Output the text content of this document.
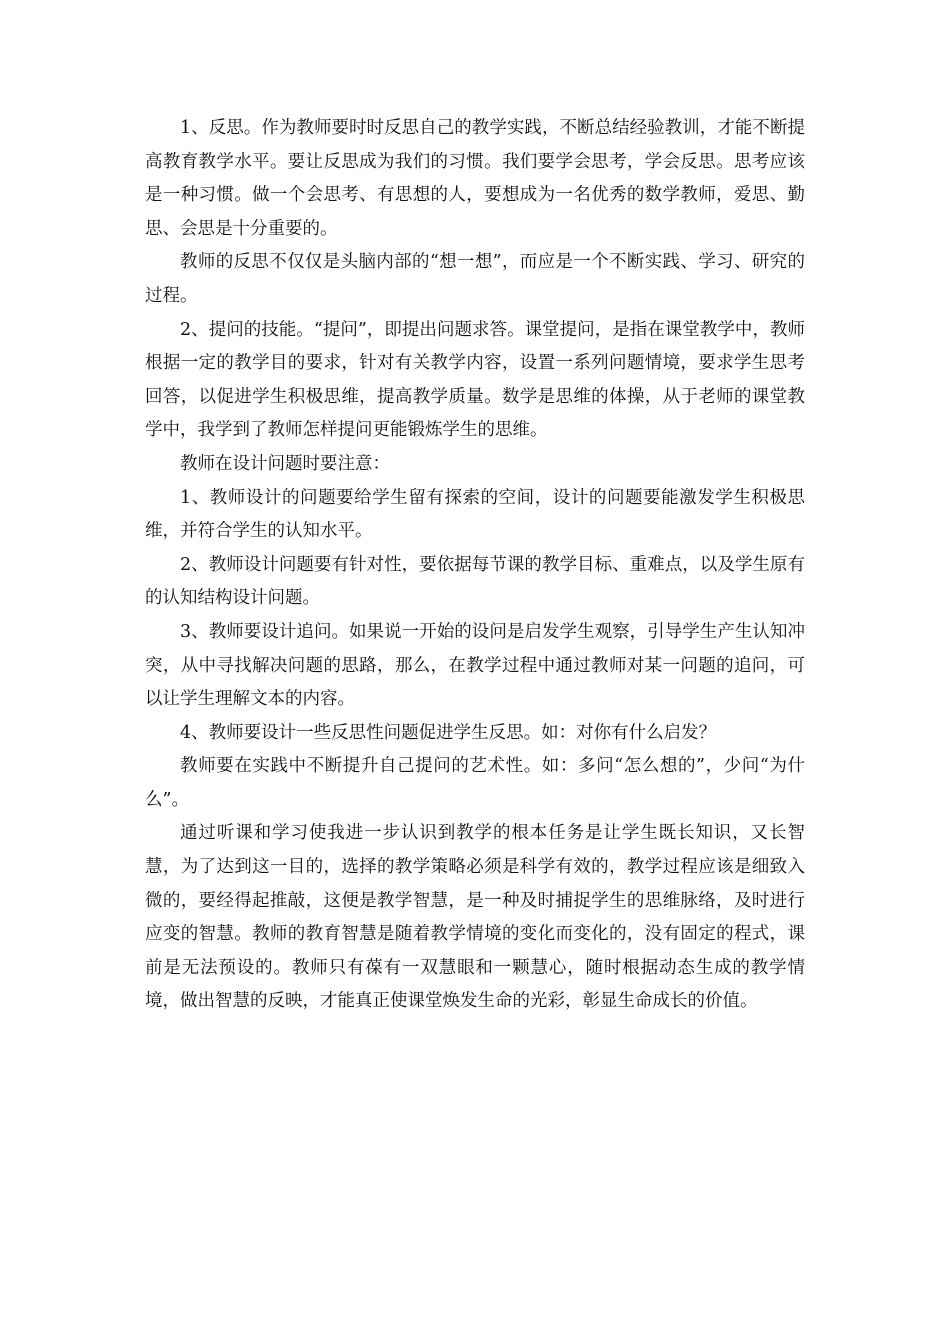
1、反思。作为教师要时时反思自己的教学实践，不断总结经验教训，才能不断提高教育教学水平。要让反思成为我们的习惯。我们要学会思考，学会反思。思考应该是一种习惯。做一个会思考、有思想的人，要想成为一名优秀的数学教师，爱思、勤思、会思是十分重要的。

教师的反思不仅仅是头脑内部的“想一想”，而应是一个不断实践、学习、研究的过程。

2、提问的技能。“提问”，即提出问题求答。课堂提问，是指在课堂教学中，教师根据一定的教学目的要求，针对有关教学内容，设置一系列问题情境，要求学生思考回答，以促进学生积极思维，提高教学质量。数学是思维的体操，从于老师的课堂教学中，我学到了教师怎样提问更能锻炼学生的思维。

教师在设计问题时要注意：

1、教师设计的问题要给学生留有探索的空间，设计的问题要能激发学生积极思维，并符合学生的认知水平。

2、教师设计问题要有针对性，要依据每节课的教学目标、重难点，以及学生原有的认知结构设计问题。

3、教师要设计追问。如果说一开始的设问是启发学生观察，引导学生产生认知冲突，从中寻找解决问题的思路，那么，在教学过程中通过教师对某一问题的追问，可以让学生理解文本的内容。

4、教师要设计一些反思性问题促进学生反思。如：对你有什么启发？

教师要在实践中不断提升自己提问的艺术性。如：多问“怎么想的”，少问“为什么”。

通过听课和学习使我进一步认识到教学的根本任务是让学生既长知识，又长智慧，为了达到这一目的，选择的教学策略必须是科学有效的，教学过程应该是细致入微的，要经得起推敲，这便是教学智慧，是一种及时捕捉学生的思维脉络，及时进行应变的智慧。教师的教育智慧是随着教学情境的变化而变化的，没有固定的程式，课前是无法预设的。教师只有葆有一双慧眼和一颗慧心，随时根据动态生成的教学情境，做出智慧的反映，才能真正使课堂焕发生命的光彩，彰显生命成长的价值。
